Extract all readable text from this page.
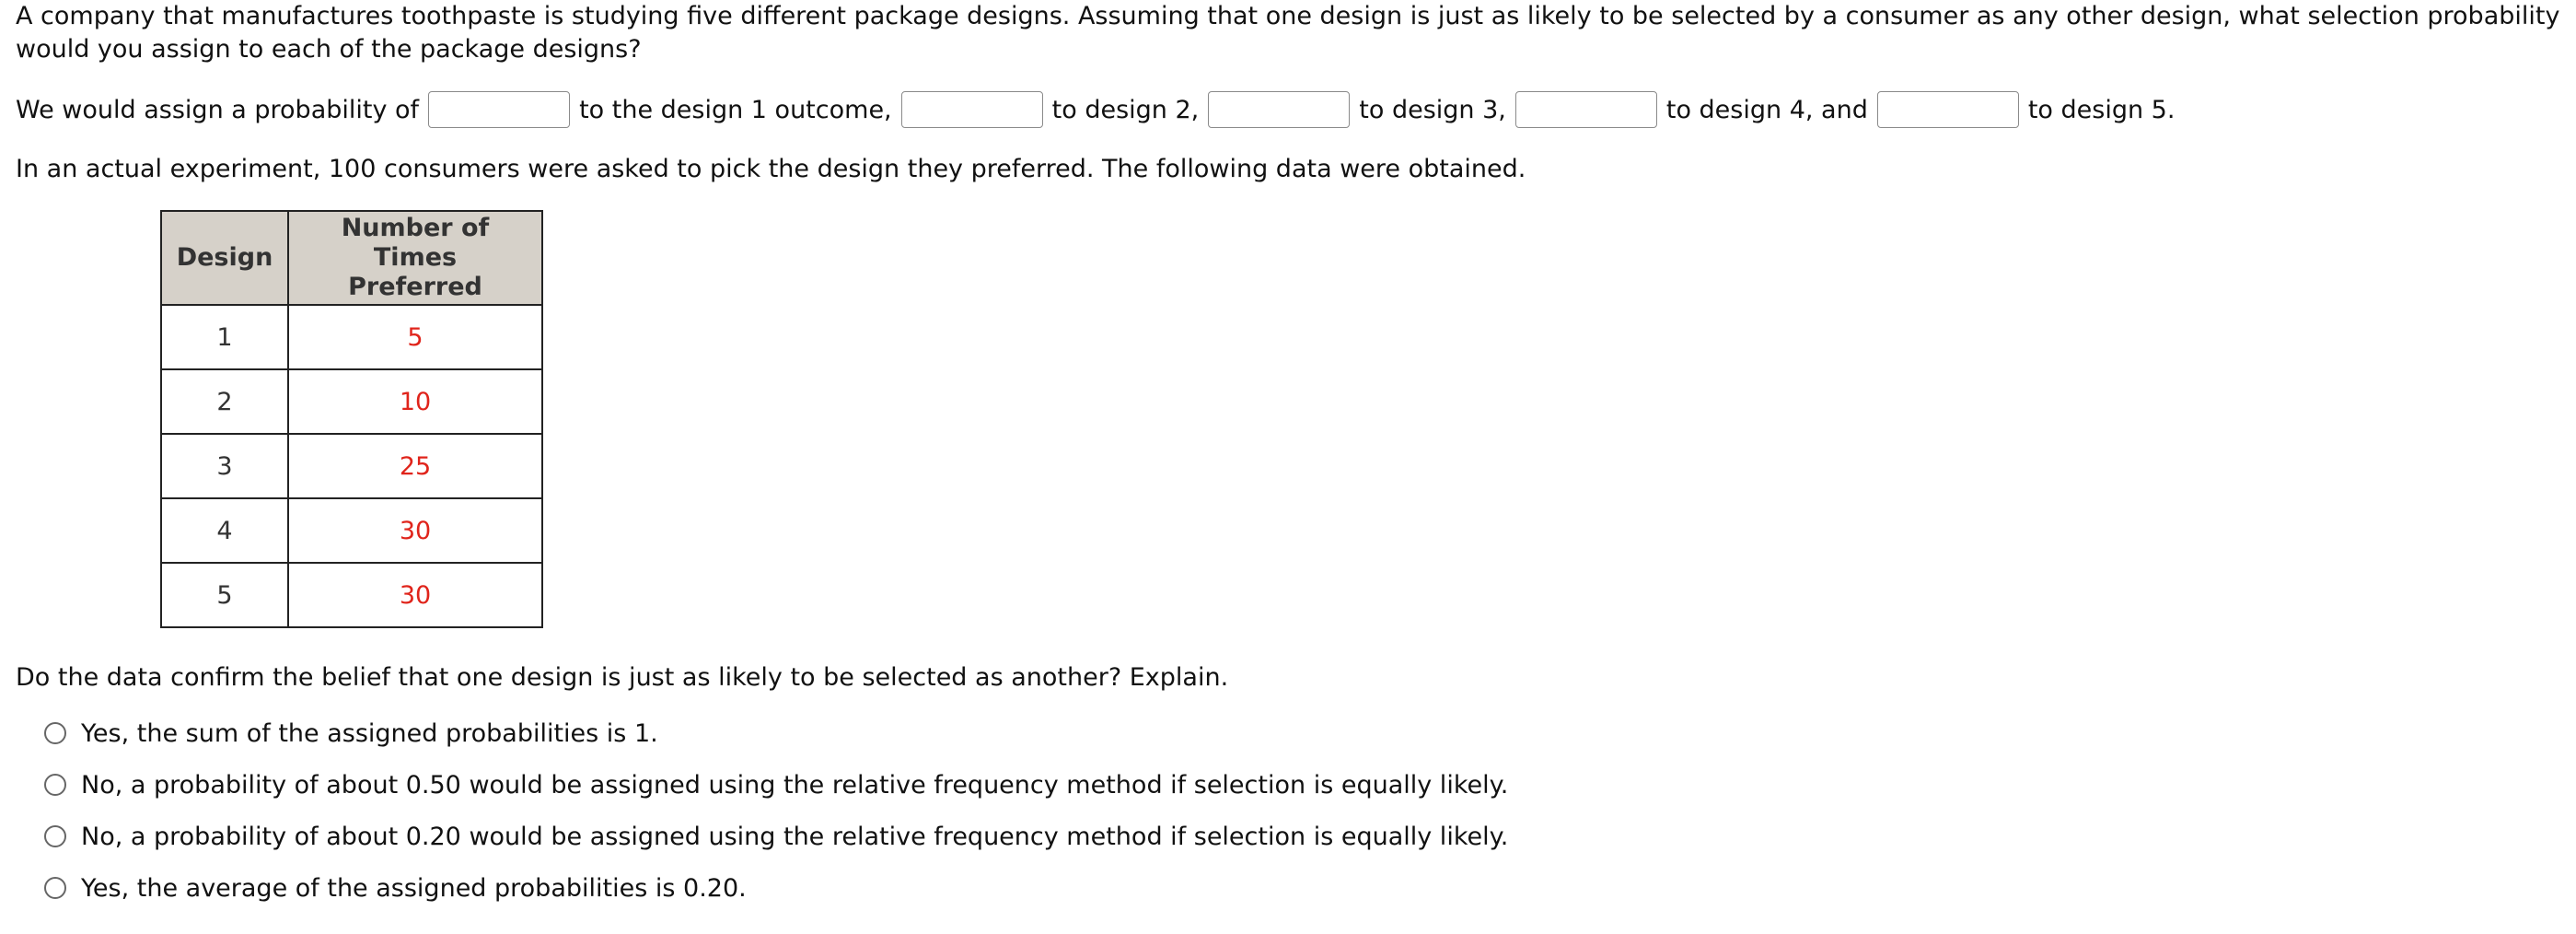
A company that manufactures toothpaste is studying five different package designs. Assuming that one design is just as likely to be selected by a consumer as any other design, what selection probability would you assign to each of the package designs?

We would assign a probability of	to the design 1 outcome,	to design 2,	to design 3,	to design 4, and	to design 5.

In an actual experiment, 100 consumers were asked to pick the design they preferred. The following data were obtained.

Design	Number of Times Preferred
1	5
2	10
3	25
4	30
5	30

Do the data confirm the belief that one design is just as likely to be selected as another? Explain.

Yes, the sum of the assigned probabilities is 1.
No, a probability of about 0.50 would be assigned using the relative frequency method if selection is equally likely.
No, a probability of about 0.20 would be assigned using the relative frequency method if selection is equally likely.
Yes, the average of the assigned probabilities is 0.20.
